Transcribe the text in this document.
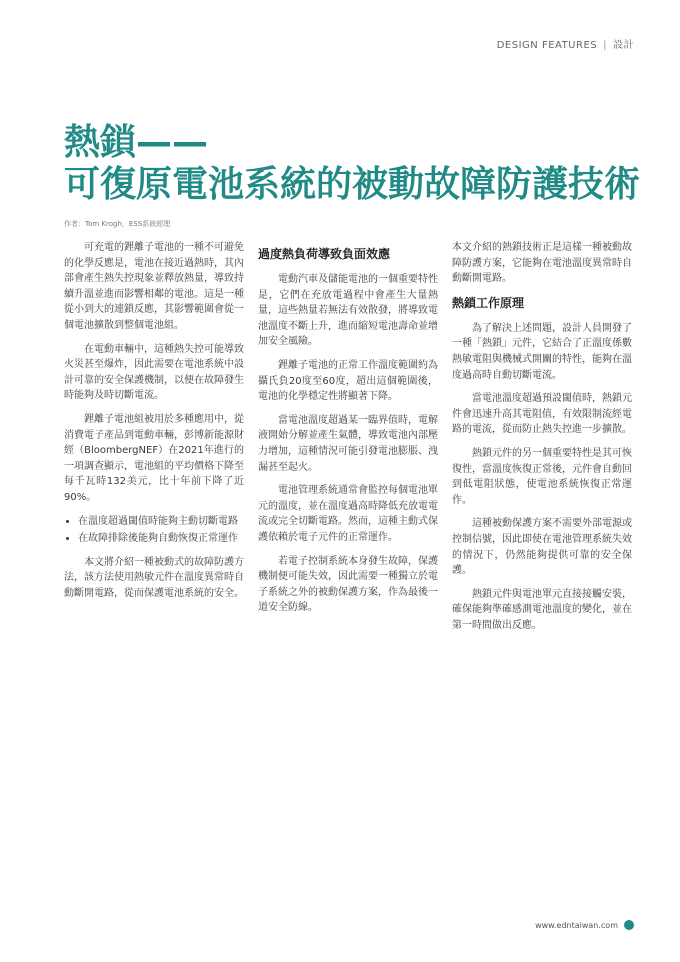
DESIGN FEATURES | 設計
熱鎖——
可復原電池系統的被動故障防護技術
作者：Tom Krogh，ESS系統經理

可充電的鋰離子電池的一種不可避免的化學反應是，電池在接近過熱時，其內部會產生熱失控現象並釋放熱量，導致持續升溫並進而影響相鄰的電池。這是一種從小到大的連鎖反應，其影響範圍會從一個電池擴散到整個電池組。

在電動車輛中，這種熱失控可能導致火災甚至爆炸，因此需要在電池系統中設計可靠的安全保護機制，以便在故障發生時能夠及時切斷電流。

鋰離子電池組被用於多種應用中，從消費電子產品到電動車輛，彭博新能源財經（BloombergNEF）在2021年進行的一項調查顯示，電池組的平均價格下降至每千瓦時132美元，比十年前下降了近90%。

• 在溫度超過閾值時能夠主動切斷電路
• 在故障排除後能夠自動恢復正常運作

本文將介紹一種被動式的故障防護方法，該方法使用熱敏元件在溫度異常時自動斷開電路，從而保護電池系統的安全。

過度熱負荷導致負面效應

電動汽車及儲能電池的一個重要特性是，它們在充放電過程中會產生大量熱量，這些熱量若無法有效散發，將導致電池溫度不斷上升，進而縮短電池壽命並增加安全風險。

鋰離子電池的正常工作溫度範圍約為攝氏負20度至60度，超出這個範圍後，電池的化學穩定性將顯著下降。

當電池溫度超過某一臨界值時，電解液開始分解並產生氣體，導致電池內部壓力增加，這種情況可能引發電池膨脹、洩漏甚至起火。

電池管理系統通常會監控每個電池單元的溫度，並在溫度過高時降低充放電電流或完全切斷電路。然而，這種主動式保護依賴於電子元件的正常運作。

若電子控制系統本身發生故障，保護機制便可能失效，因此需要一種獨立於電子系統之外的被動保護方案，作為最後一道安全防線。

本文介紹的熱鎖技術正是這樣一種被動故障防護方案，它能夠在電池溫度異常時自動斷開電路。

熱鎖工作原理

為了解決上述問題，設計人員開發了一種「熱鎖」元件，它結合了正溫度係數熱敏電阻與機械式開關的特性，能夠在溫度過高時自動切斷電流。

當電池溫度超過預設閾值時，熱鎖元件會迅速升高其電阻值，有效限制流經電路的電流，從而防止熱失控進一步擴散。

熱鎖元件的另一個重要特性是其可恢復性，當溫度恢復正常後，元件會自動回到低電阻狀態，使電池系統恢復正常運作。

這種被動保護方案不需要外部電源或控制信號，因此即使在電池管理系統失效的情況下，仍然能夠提供可靠的安全保護。

熱鎖元件與電池單元直接接觸安裝，確保能夠準確感測電池溫度的變化，並在第一時間做出反應。

www.edntaiwan.com
